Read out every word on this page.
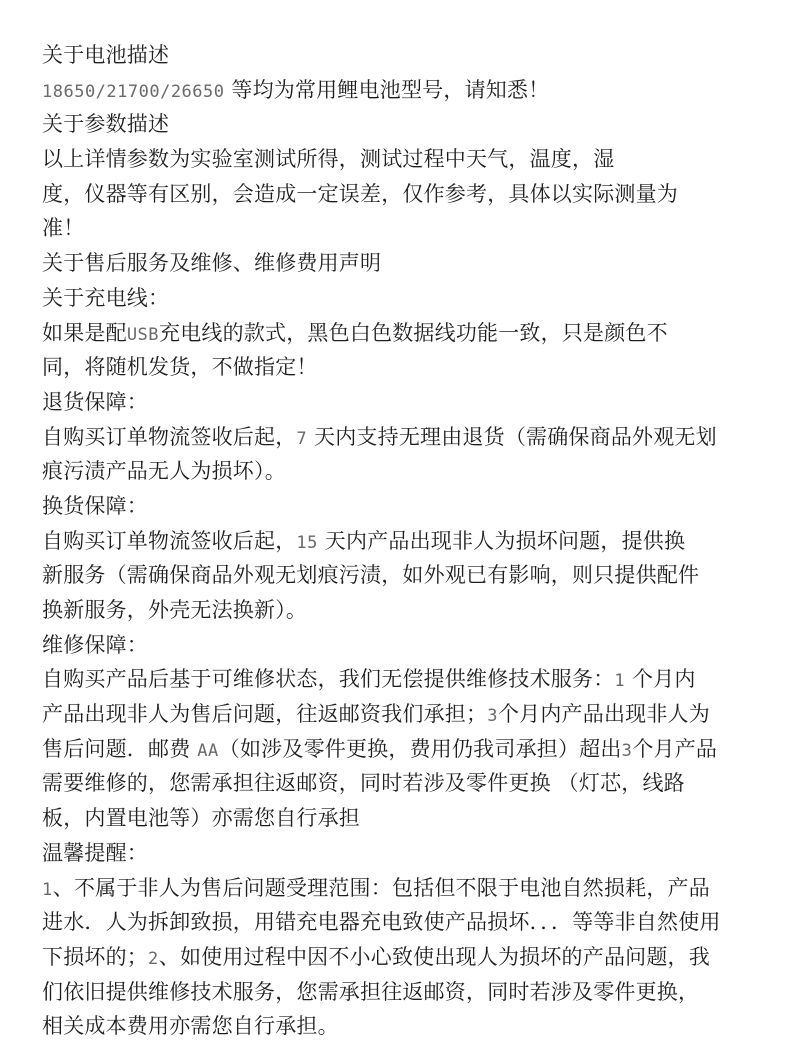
关于电池描述
18650/21700/26650 等均为常用鲤电池型号，请知悉！
关于参数描述
以上详情参数为实验室测试所得，测试过程中天气，温度，湿
度，仪器等有区别，会造成一定误差，仅作参考，具体以实际测量为
准！
关于售后服务及维修、维修费用声明
关于充电线：
如果是配USB充电线的款式，黑色白色数据线功能一致，只是颜色不
同，将随机发货，不做指定！
退货保障：
自购买订单物流签收后起，7 天内支持无理由退货（需确保商品外观无划
痕污渍产品无人为损坏）。
换货保障：
自购买订单物流签收后起，15 天内产品出现非人为损坏问题，提供换
新服务（需确保商品外观无划痕污渍，如外观已有影响，则只提供配件
换新服务，外壳无法换新）。
维修保障：
自购买产品后基于可维修状态，我们无偿提供维修技术服务：1 个月内
产品出现非人为售后问题，往返邮资我们承担；3个月内产品出现非人为
售后问题．邮费 AA（如涉及零件更换，费用仍我司承担）超出3个月产品
需要维修的，您需承担往返邮资，同时若涉及零件更换 （灯芯，线路
板，内置电池等）亦需您自行承担
温馨提醒：
1、不属于非人为售后问题受理范围：包括但不限于电池自然损耗，产品
进水．人为拆卸致损，用错充电器充电致使产品损坏．．．等等非自然使用
下损坏的；2、如使用过程中因不小心致使出现人为损坏的产品问题，我
们依旧提供维修技术服务，您需承担往返邮资，同时若涉及零件更换，
相关成本费用亦需您自行承担。
